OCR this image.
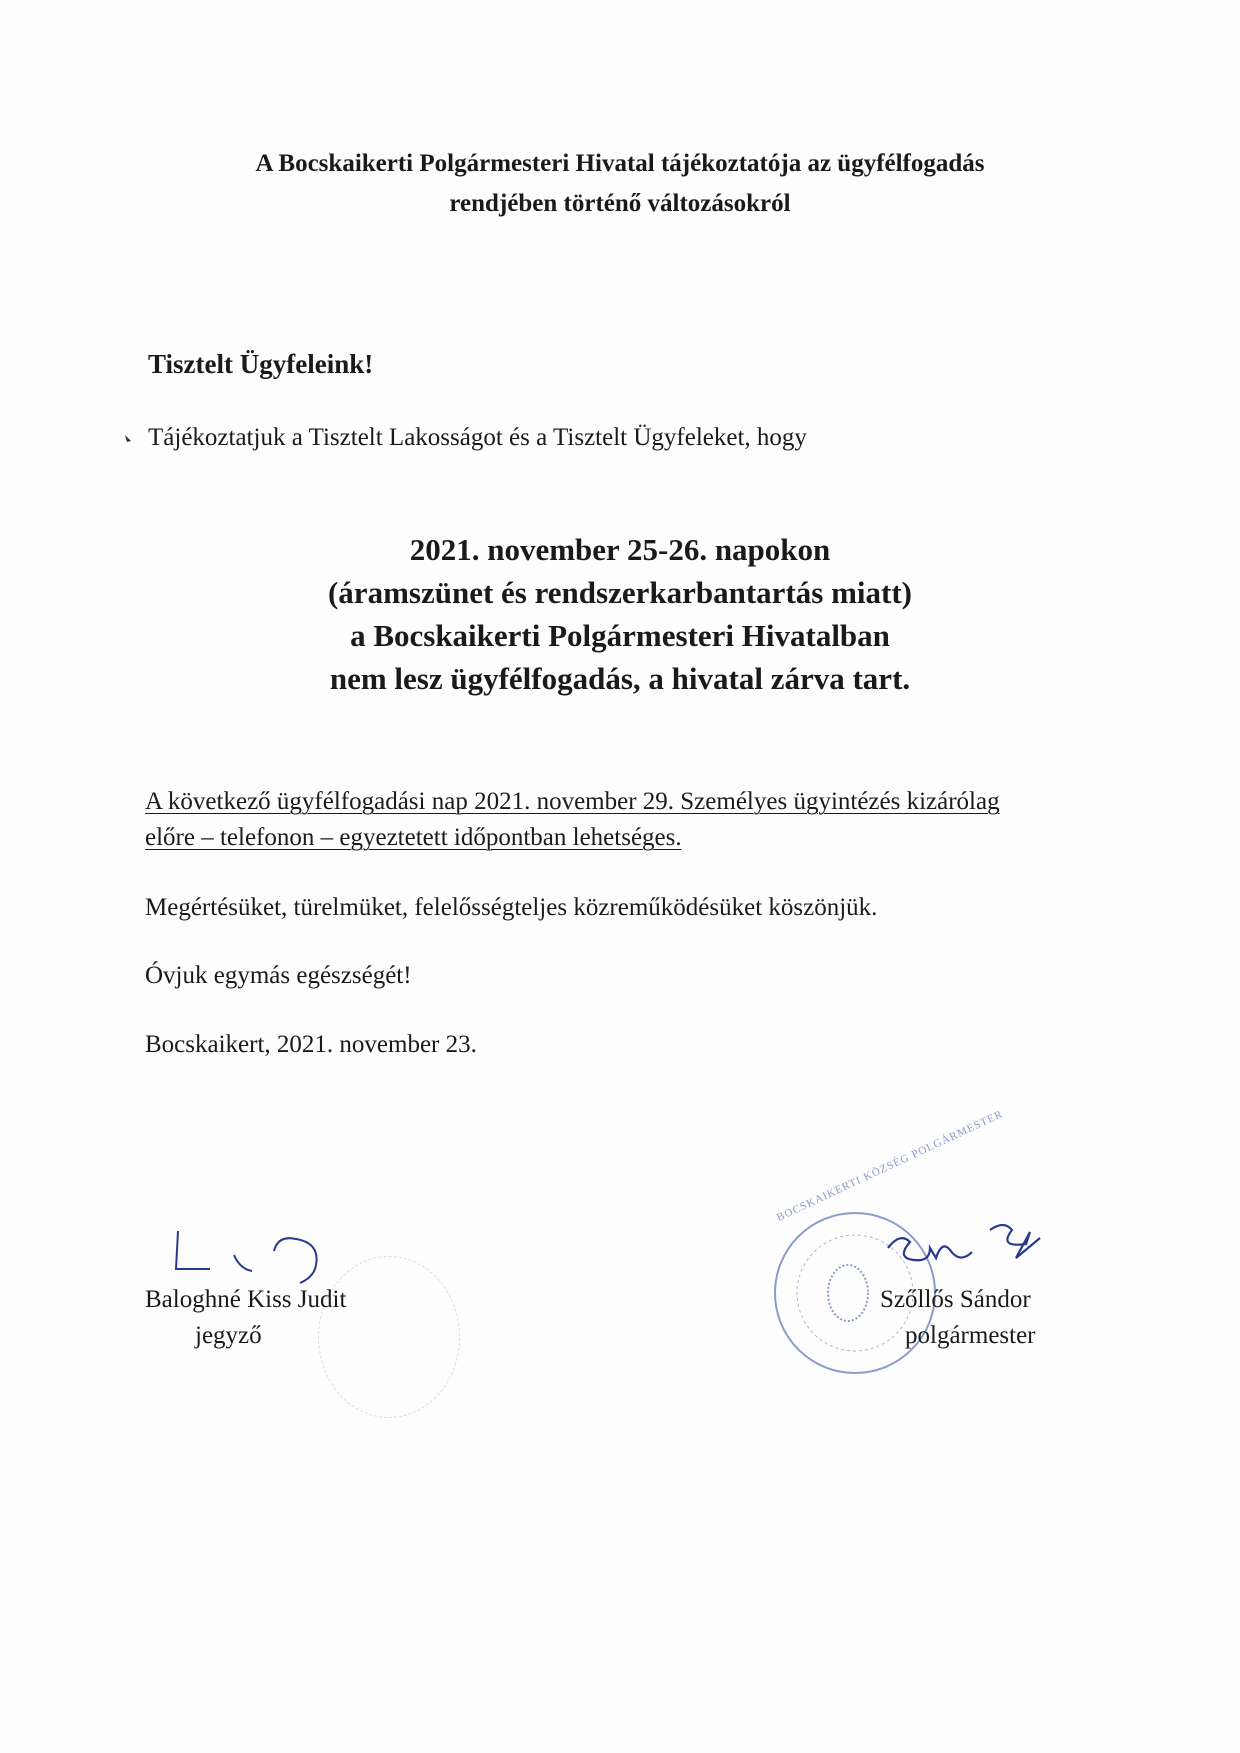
A Bocskaikerti Polgármesteri Hivatal tájékoztatója az ügyfélfogadás
rendjében történő változásokról
Tisztelt Ügyfeleink!
Tájékoztatjuk a Tisztelt Lakosságot és a Tisztelt Ügyfeleket, hogy
2021. november 25-26. napokon
(áramszünet és rendszerkarbantartás miatt)
a Bocskaikerti Polgármesteri Hivatalban
nem lesz ügyfélfogadás, a hivatal zárva tart.
A következő ügyfélfogadási nap 2021. november 29. Személyes ügyintézés kizárólag
előre – telefonon – egyeztetett időpontban lehetséges.
Megértésüket, türelmüket, felelősségteljes közreműködésüket köszönjük.
Óvjuk egymás egészségét!
Bocskaikert, 2021. november 23.
Baloghné Kiss Judit
jegyző
BOCSKAIKERTI KÖZSÉG POLGÁRMESTER
Szőllős Sándor
polgármester
